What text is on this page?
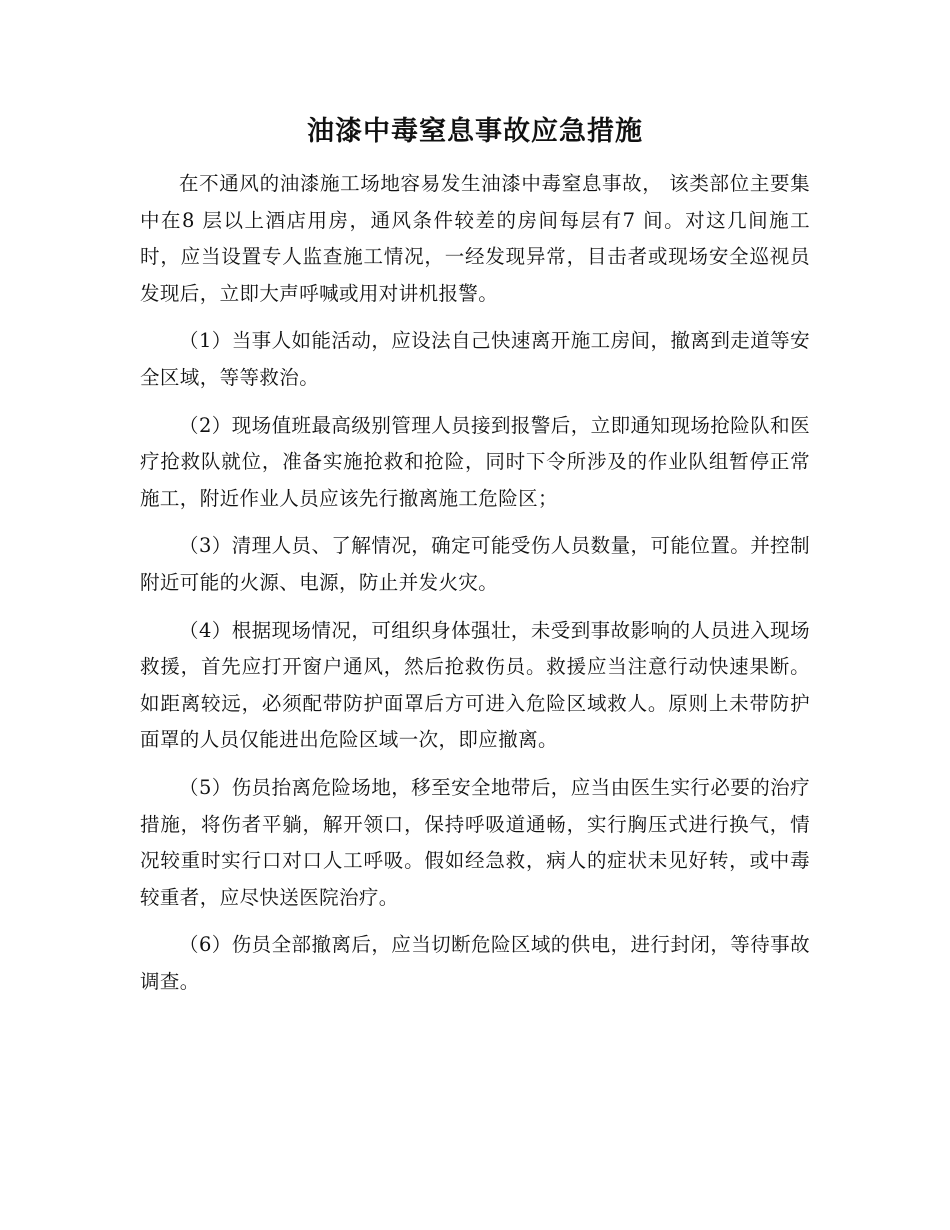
油漆中毒窒息事故应急措施

在不通风的油漆施工场地容易发生油漆中毒窒息事故， 该类部位主要集中在8 层以上酒店用房，通风条件较差的房间每层有7 间。对这几间施工时，应当设置专人监查施工情况，一经发现异常，目击者或现场安全巡视员发现后，立即大声呼喊或用对讲机报警。

（1）当事人如能活动，应设法自己快速离开施工房间，撤离到走道等安全区域，等等救治。

（2）现场值班最高级别管理人员接到报警后，立即通知现场抢险队和医疗抢救队就位，准备实施抢救和抢险，同时下令所涉及的作业队组暂停正常施工，附近作业人员应该先行撤离施工危险区；

（3）清理人员、了解情况，确定可能受伤人员数量，可能位置。并控制附近可能的火源、电源，防止并发火灾。

（4）根据现场情况，可组织身体强壮，未受到事故影响的人员进入现场救援，首先应打开窗户通风，然后抢救伤员。救援应当注意行动快速果断。如距离较远，必须配带防护面罩后方可进入危险区域救人。原则上未带防护面罩的人员仅能进出危险区域一次，即应撤离。

（5）伤员抬离危险场地，移至安全地带后，应当由医生实行必要的治疗措施，将伤者平躺，解开领口，保持呼吸道通畅，实行胸压式进行换气，情况较重时实行口对口人工呼吸。假如经急救，病人的症状未见好转，或中毒较重者，应尽快送医院治疗。

（6）伤员全部撤离后，应当切断危险区域的供电，进行封闭，等待事故调查。
